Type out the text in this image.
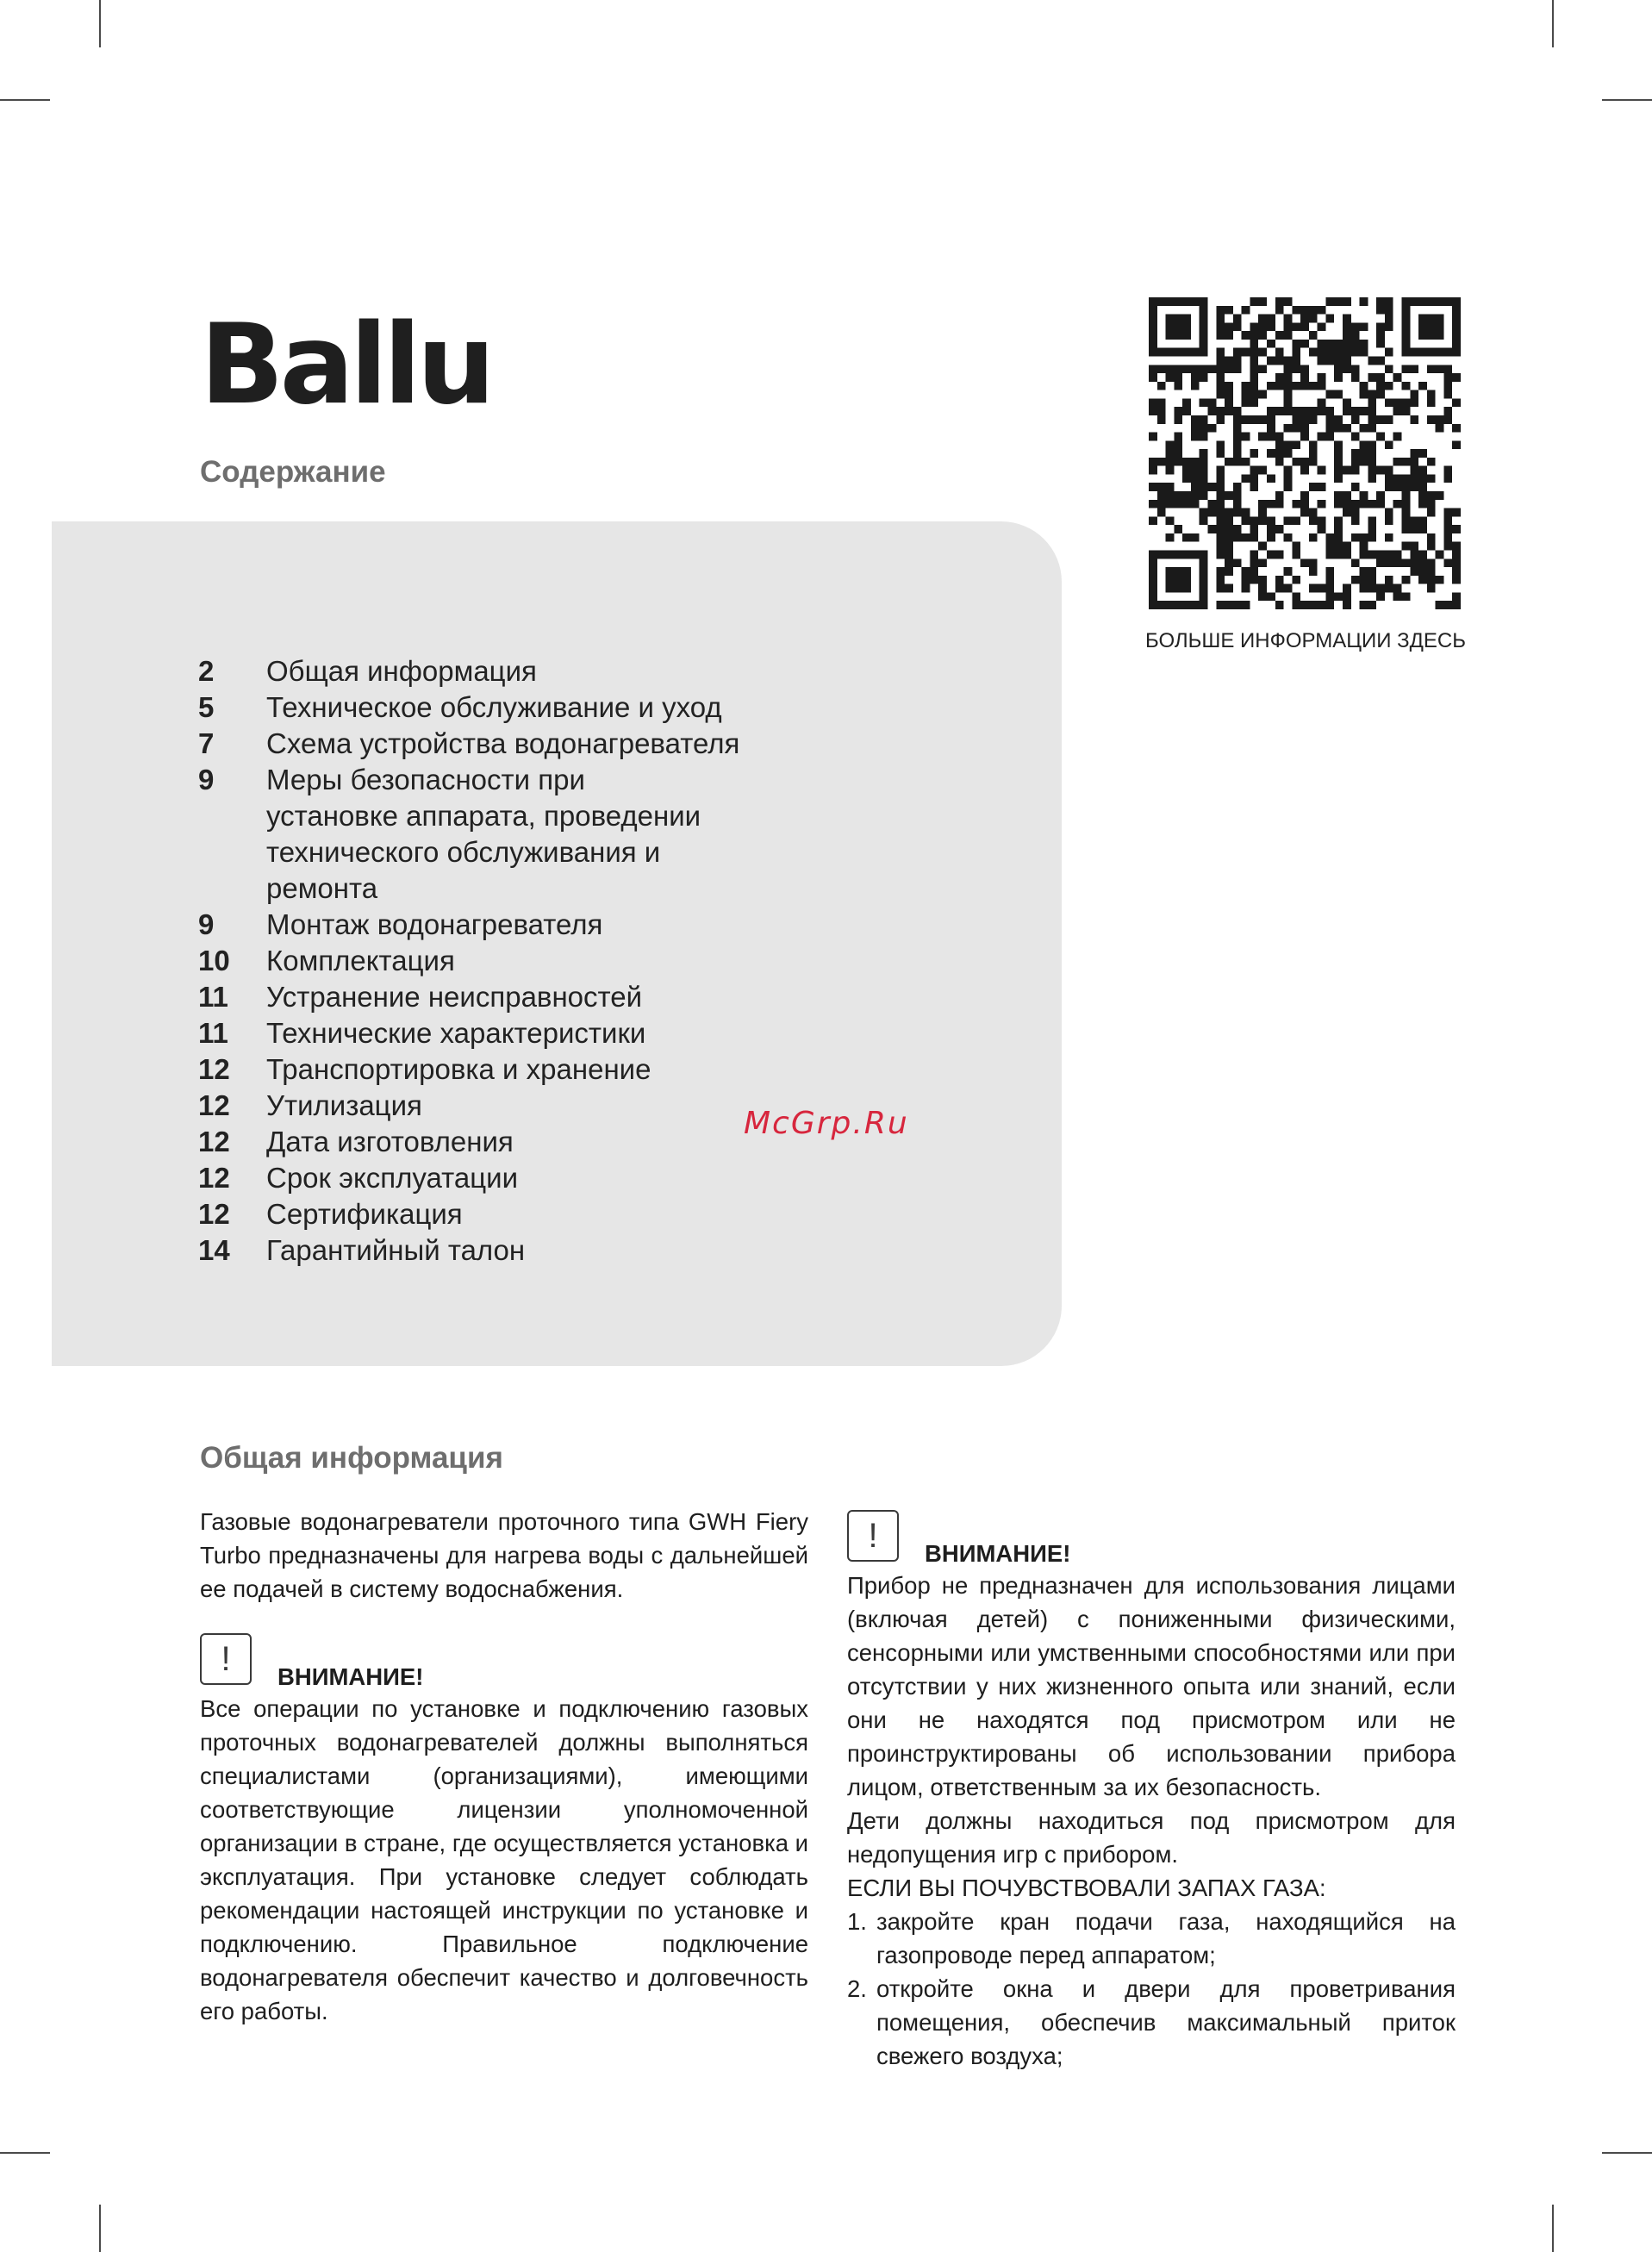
Ballu
Содержание
2	Общая информация
5	Техническое обслуживание и уход
7	Схема устройства водонагревателя
9	Меры безопасности при установке аппарата, проведении технического обслуживания и ремонта
9	Монтаж водонагревателя
10	Комплектация
11	Устранение неисправностей
11	Технические характеристики
12	Транспортировка и хранение
12	Утилизация
12	Дата изготовления
12	Срок эксплуатации
12	Сертификация
14	Гарантийный талон
McGrp.Ru
БОЛЬШЕ ИНФОРМАЦИИ ЗДЕСЬ
Общая информация

Газовые водонагреватели проточного типа GWH Fiery Turbo предназначены для нагрева воды с дальнейшей ее подачей в систему водоснабжения.

!	ВНИМАНИЕ!

Все операции по установке и подключению газовых проточных водонагревателей должны выполняться специалистами (организациями), имеющими соответствующие лицензии уполномоченной организации в стране, где осуществляется установка и эксплуатация. При установке следует соблюдать рекомендации настоящей инструкции по установке и подключению. Правильное подключение водонагревателя обеспечит качество и долговечность его работы.

!	ВНИМАНИЕ!

Прибор не предназначен для использования лицами (включая детей) с пониженными физическими, сенсорными или умственными способностями или при отсутствии у них жизненного опыта или знаний, если они не находятся под присмотром или не проинструктированы об использовании прибора лицом, ответственным за их безопасность.

Дети должны находиться под присмотром для недопущения игр с прибором.

ЕСЛИ ВЫ ПОЧУВСТВОВАЛИ ЗАПАХ ГАЗА:

1. закройте кран подачи газа, находящийся на газопроводе перед аппаратом;
2. откройте окна и двери для проветривания помещения, обеспечив максимальный приток свежего воздуха;
